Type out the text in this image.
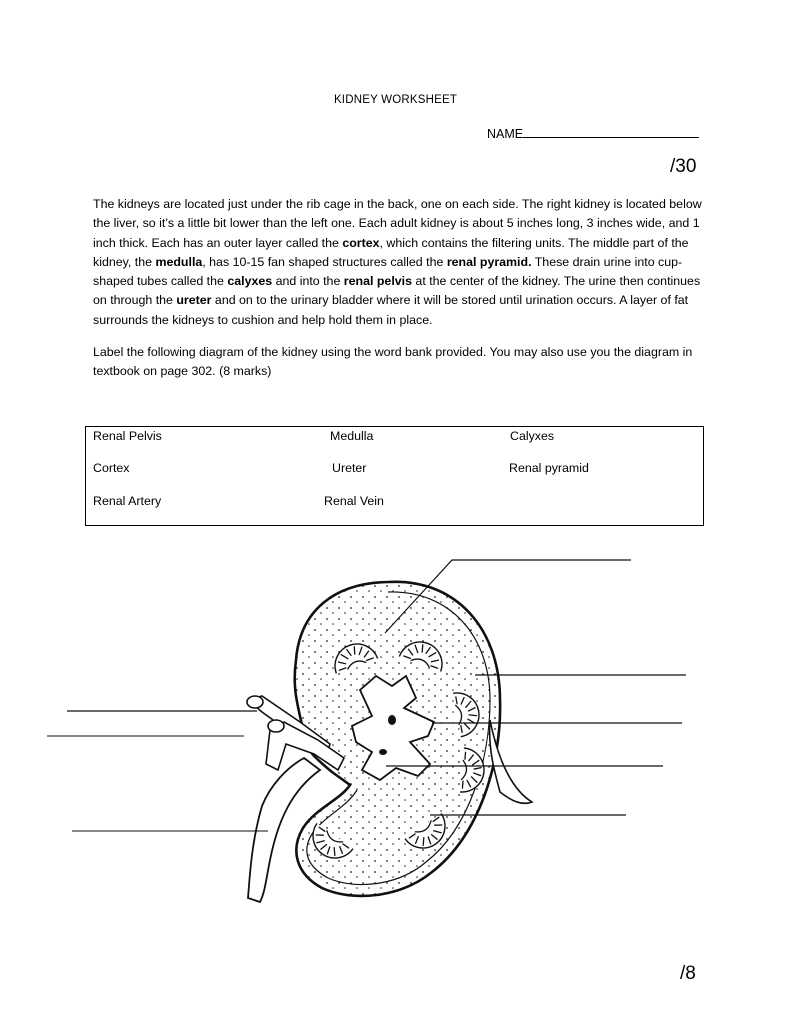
KIDNEY WORKSHEET
NAME
/30

The kidneys are located just under the rib cage in the back, one on each side. The right kidney is located below the liver, so it’s a little bit lower than the left one. Each adult kidney is about 5 inches long, 3 inches wide, and 1 inch thick. Each has an outer layer called the cortex, which contains the filtering units. The middle part of the kidney, the medulla, has 10-15 fan shaped structures called the renal pyramid. These drain urine into cup-shaped tubes called the calyxes and into the renal pelvis at the center of the kidney. The urine then continues on through the ureter and on to the urinary bladder where it will be stored until urination occurs. A layer of fat surrounds the kidneys to cushion and help hold them in place.

Label the following diagram of the kidney using the word bank provided. You may also use you the diagram in textbook on page 302. (8 marks)

Renal Pelvis	Medulla	Calyxes
Cortex	Ureter	Renal pyramid
Renal Artery	Renal Vein
/8
